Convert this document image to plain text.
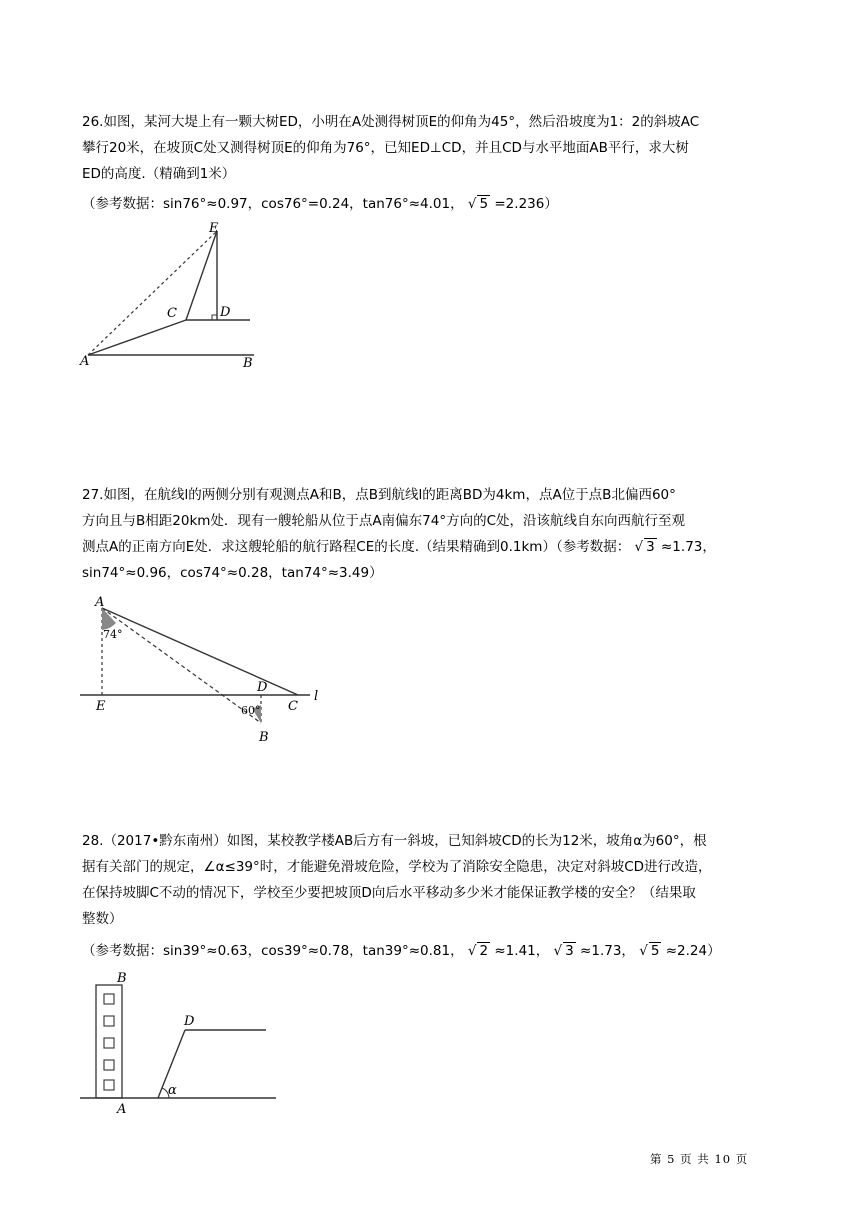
26.如图，某河大堤上有一颗大树ED，小明在A处测得树顶E的仰角为45°，然后沿坡度为1：2的斜坡AC
攀行20米，在坡顶C处又测得树顶E的仰角为76°，已知ED⊥CD，并且CD与水平地面AB平行，求大树
ED的高度.（精确到1米）
（参考数据：sin76°≈0.97，cos76°=0.24，tan76°≈4.01， √ 5 =2.236）
E
C	D
A	B
27.如图，在航线l的两侧分别有观测点A和B，点B到航线l的距离BD为4km，点A位于点B北偏西60°
方向且与B相距20km处．现有一艘轮船从位于点A南偏东74°方向的C处，沿该航线自东向西航行至观
测点A的正南方向E处．求这艘轮船的航行路程CE的长度.（结果精确到0.1km）（参考数据： √ 3 ≈1.73，
sin74°≈0.96，cos74°≈0.28，tan74°≈3.49）
A
74°
E
D
C
l
60°
B
28.（2017•黔东南州）如图，某校教学楼AB后方有一斜坡，已知斜坡CD的长为12米，坡角α为60°，根
据有关部门的规定，∠α≤39°时，才能避免滑坡危险，学校为了消除安全隐患，决定对斜坡CD进行改造，
在保持坡脚C不动的情况下，学校至少要把坡顶D向后水平移动多少米才能保证教学楼的安全？（结果取
整数）
（参考数据：sin39°≈0.63，cos39°≈0.78，tan39°≈0.81， √ 2 ≈1.41， √ 3 ≈1.73， √ 5 ≈2.24）
B
A
D
α
第 5 页 共 10 页
